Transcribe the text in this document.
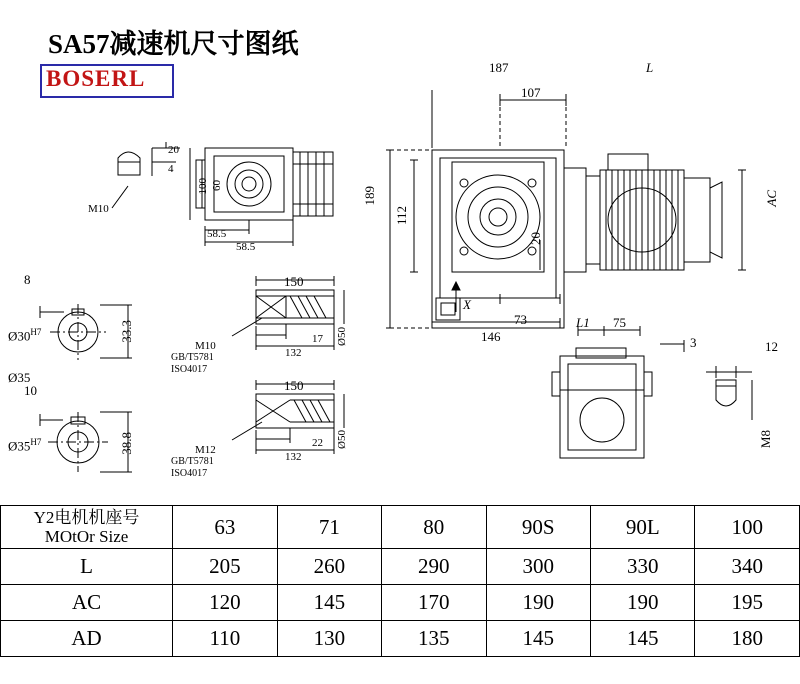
SA57减速机尺寸图纸
BOSERL	187	L
107
189
112
AC
20
73
146
X
20
4
M10
100 60
58.5
58.5
8
$Ø30^{H7}$	33.3
Ø35
10
$Ø35^{H7}$	38.8
150
M10
GB/T5781
ISO4017
17
132
Ø50
150
M12
GB/T5781
ISO4017
22
132
Ø50
L1 75
3	12
M8
Y2电机机座号
MOtOr Size	63	71	80	90S	90L	100
L	205	260	290	300	330	340
AC	120	145	170	190	190	195
AD	110	130	135	145	145	180
